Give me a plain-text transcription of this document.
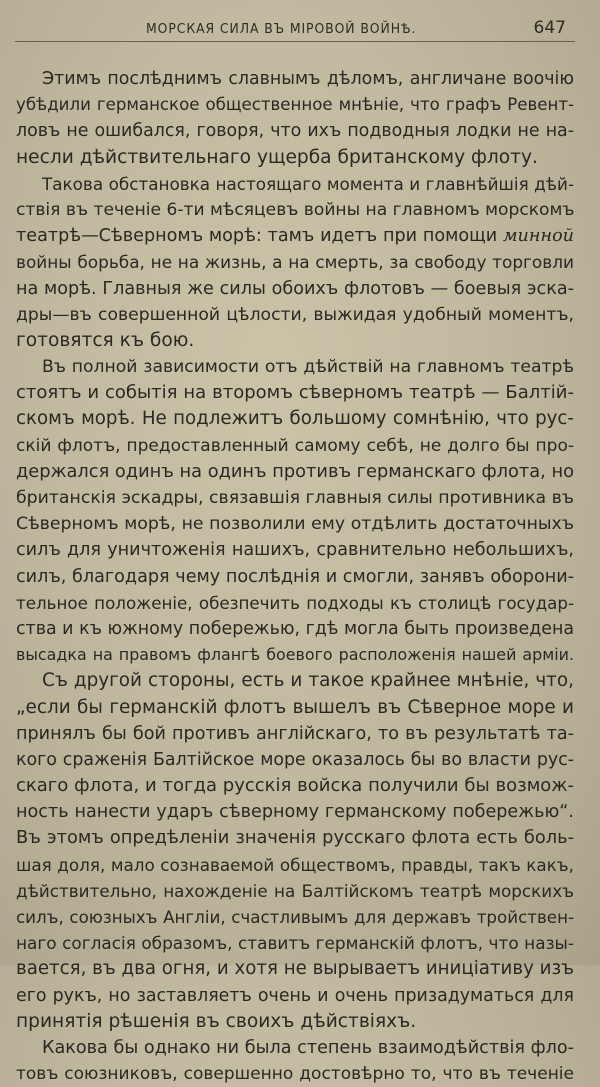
МОРСКАЯ СИЛА ВЪ МІРОВОЙ ВОЙНѢ.	647
Этимъ послѣднимъ славнымъ дѣломъ, англичане воочію
убѣдили германское общественное мнѣніе, что графъ Ревент-
ловъ не ошибался, говоря, что ихъ подводныя лодки не на-
несли дѣйствительнаго ущерба британскому флоту.
Такова обстановка настоящаго момента и главнѣйшія дѣй-
ствія въ теченіе 6-ти мѣсяцевъ войны на главномъ морскомъ
театрѣ—Сѣверномъ морѣ: тамъ идетъ при помощи минной
войны борьба, не на жизнь, а на смерть, за свободу торговли
на морѣ. Главныя же силы обоихъ флотовъ — боевыя эска-
дры—въ совершенной цѣлости, выжидая удобный моментъ,
готовятся къ бою.
Въ полной зависимости отъ дѣйствій на главномъ театрѣ
стоятъ и событія на второмъ сѣверномъ театрѣ — Балтій-
скомъ морѣ. Не подлежитъ большому сомнѣнію, что рус-
скій флотъ, предоставленный самому себѣ, не долго бы про-
держался одинъ на одинъ противъ германскаго флота, но
британскія эскадры, связавшія главныя силы противника въ
Сѣверномъ морѣ, не позволили ему отдѣлить достаточныхъ
силъ для уничтоженія нашихъ, сравнительно небольшихъ,
силъ, благодаря чему послѣднія и смогли, занявъ оборони-
тельное положеніе, обезпечить подходы къ столицѣ государ-
ства и къ южному побережью, гдѣ могла быть произведена
высадка на правомъ флангѣ боевого расположенія нашей арміи.
Съ другой стороны, есть и такое крайнее мнѣніе, что,
„если бы германскій флотъ вышелъ въ Сѣверное море и
принялъ бы бой противъ англійскаго, то въ результатѣ та-
кого сраженія Балтійское море оказалось бы во власти рус-
скаго флота, и тогда русскія войска получили бы возмож-
ность нанести ударъ сѣверному германскому побережью“.
Въ этомъ опредѣленіи значенія русскаго флота есть боль-
шая доля, мало сознаваемой обществомъ, правды, такъ какъ,
дѣйствительно, нахожденіе на Балтійскомъ театрѣ морскихъ
силъ, союзныхъ Англіи, счастливымъ для державъ тройствен-
наго согласія образомъ, ставитъ германскій флотъ, что назы-
вается, въ два огня, и хотя не вырываетъ иниціативу изъ
его рукъ, но заставляетъ очень и очень призадуматься для
принятія рѣшенія въ своихъ дѣйствіяхъ.
Какова бы однако ни была степень взаимодѣйствія фло-
товъ союзниковъ, совершенно достовѣрно то, что въ теченіе
